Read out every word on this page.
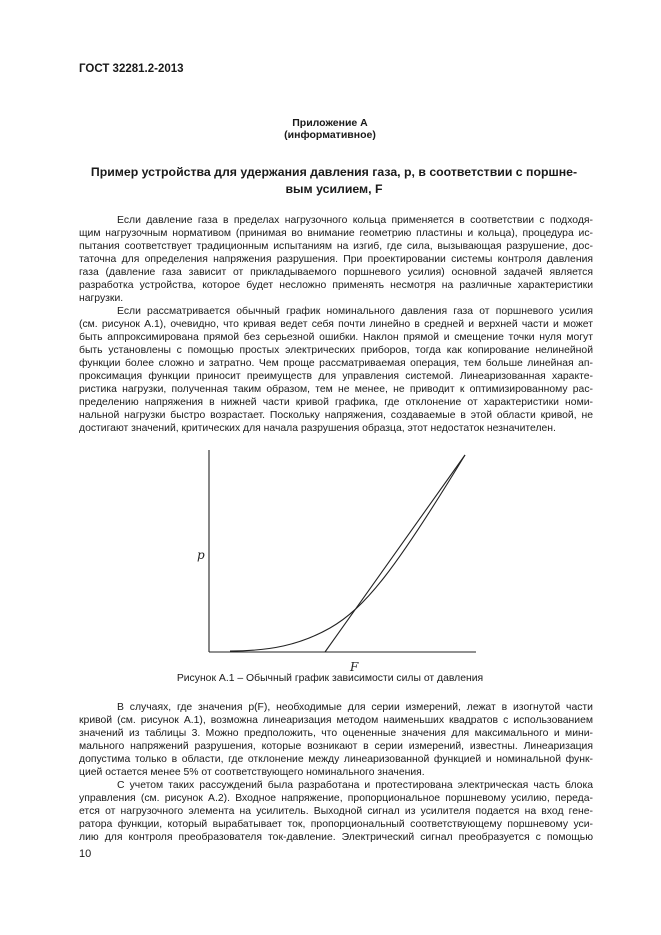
ГОСТ 32281.2-2013
Приложение А
(информативное)
Пример устройства для удержания давления газа, p, в соответствии с поршне-
вым усилием, F
Если давление газа в пределах нагрузочного кольца применяется в соответствии с подходя-
щим нагрузочным нормативом (принимая во внимание геометрию пластины и кольца), процедура ис-
пытания соответствует традиционным испытаниям на изгиб, где сила, вызывающая разрушение, дос-
таточна для определения напряжения разрушения. При проектировании системы контроля давления
газа (давление газа зависит от прикладываемого поршневого усилия) основной задачей является
разработка устройства, которое будет несложно применять несмотря на различные характеристики
нагрузки.
Если рассматривается обычный график номинального давления газа от поршневого усилия
(см. рисунок А.1), очевидно, что кривая ведет себя почти линейно в средней и верхней части и может
быть аппроксимирована прямой без серьезной ошибки. Наклон прямой и смещение точки нуля могут
быть установлены с помощью простых электрических приборов, тогда как копирование нелинейной
функции более сложно и затратно. Чем проще рассматриваемая операция, тем больше линейная ап-
проксимация функции приносит преимуществ для управления системой. Линеаризованная характе-
ристика нагрузки, полученная таким образом, тем не менее, не приводит к оптимизированному рас-
пределению напряжения в нижней части кривой графика, где отклонение от характеристики номи-
нальной нагрузки быстро возрастает. Поскольку напряжения, создаваемые в этой области кривой, не
достигают значений, критических для начала разрушения образца, этот недостаток незначителен.
p
F
Рисунок А.1 – Обычный график зависимости силы от давления
В случаях, где значения p(F), необходимые для серии измерений, лежат в изогнутой части
кривой (см. рисунок А.1), возможна линеаризация методом наименьших квадратов с использованием
значений из таблицы 3. Можно предположить, что оцененные значения для максимального и мини-
мального напряжений разрушения, которые возникают в серии измерений, известны. Линеаризация
допустима только в области, где отклонение между линеаризованной функцией и номинальной функ-
цией остается менее 5% от соответствующего номинального значения.
С учетом таких рассуждений была разработана и протестирована электрическая часть блока
управления (см. рисунок А.2). Входное напряжение, пропорциональное поршневому усилию, переда-
ется от нагрузочного элемента на усилитель. Выходной сигнал из усилителя подается на вход гене-
ратора функции, который вырабатывает ток, пропорциональный соответствующему поршневому уси-
лию для контроля преобразователя ток-давление. Электрический сигнал преобразуется с помощью
10
